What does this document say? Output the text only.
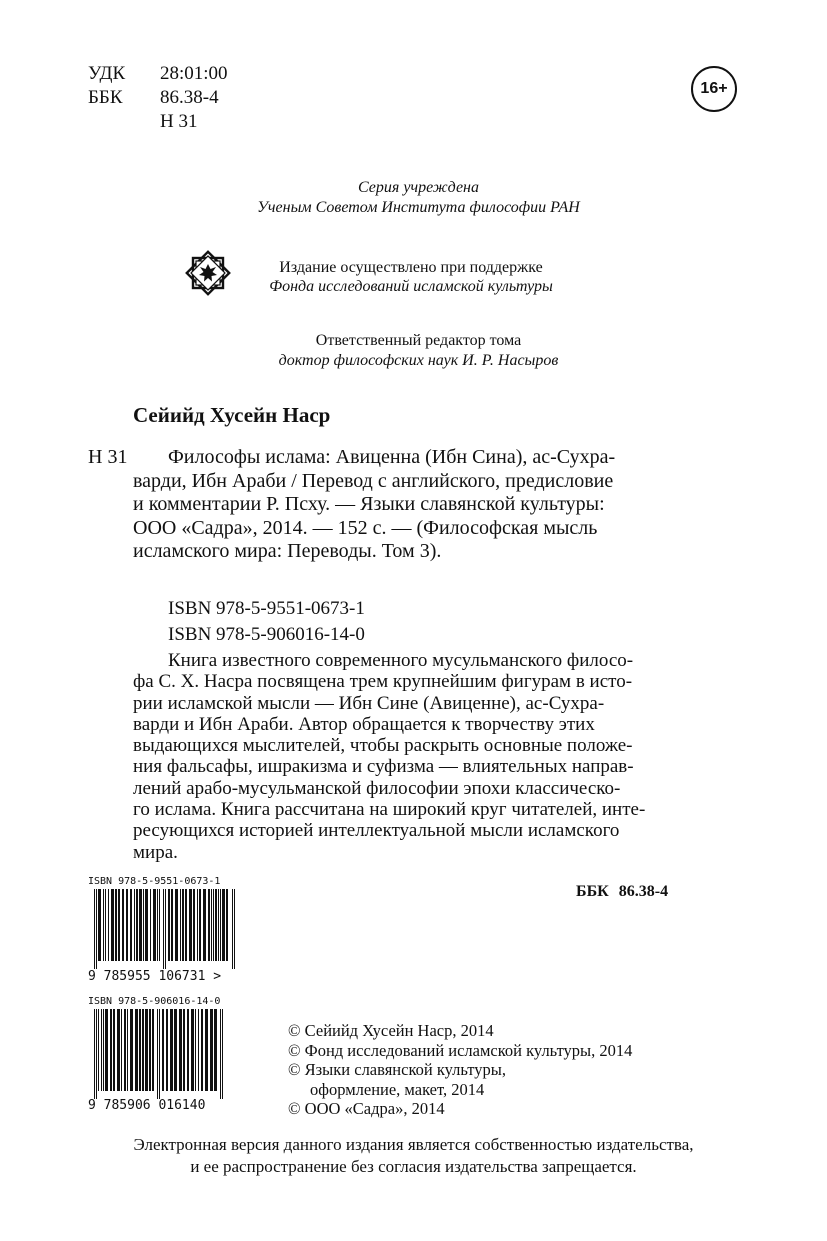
УДК	28:01:00
ББК	86.38-4
Н 31
16+
Серия учреждена
Ученым Советом Института философии РАН
Издание осуществлено при поддержке
Фонда исследований исламской культуры
Ответственный редактор тома
доктор философских наук И. Р. Насыров
Сейийд Хусейн Наср
Н 31 Философы ислама: Авиценна (Ибн Сина), ас-Сухра-
варди, Ибн Араби / Перевод с английского, предисловие
и комментарии Р. Псху. — Языки славянской культуры:
ООО «Садра», 2014. — 152 с. — (Философская мысль
исламского мира: Переводы. Том 3).
ISBN 978-5-9551-0673-1
ISBN 978-5-906016-14-0
Книга известного современного мусульманского филосо-
фа С. Х. Насра посвящена трем крупнейшим фигурам в исто-
рии исламской мысли — Ибн Сине (Авиценне), ас-Сухра-
варди и Ибн Араби. Автор обращается к творчеству этих
выдающихся мыслителей, чтобы раскрыть основные положе-
ния фальсафы, ишракизма и суфизма — влиятельных направ-
лений арабо-мусульманской философии эпохи классическо-
го ислама. Книга рассчитана на широкий круг читателей, инте-
ресующихся историей интеллектуальной мысли исламского
мира.
ББК 86.38-4
ISBN 978-5-9551-0673-1
9 785955 106731 >
ISBN 978-5-906016-14-0
9 785906 016140
© Сейийд Хусейн Наср, 2014
© Фонд исследований исламской культуры, 2014
© Языки славянской культуры,
оформление, макет, 2014
© ООО «Садра», 2014
Электронная версия данного издания является собственностью издательства,
и ее распространение без согласия издательства запрещается.
